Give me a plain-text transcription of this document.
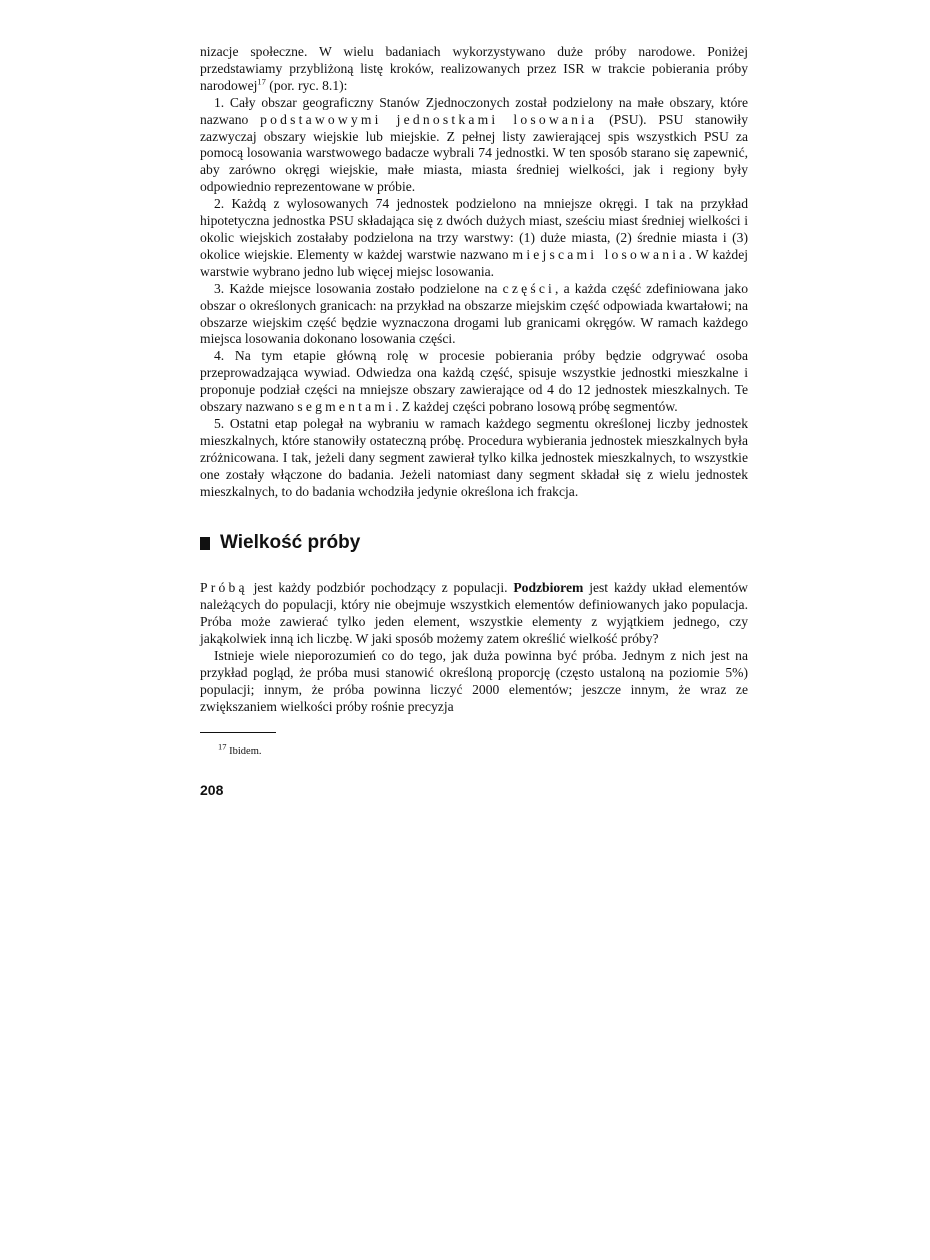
nizacje społeczne. W wielu badaniach wykorzystywano duże próby narodowe. Poniżej przedstawiamy przybliżoną listę kroków, realizowanych przez ISR w trakcie pobierania próby narodowej$^{17}$ (por. ryc. 8.1):

1. Cały obszar geograficzny Stanów Zjednoczonych został podzielony na małe obszary, które nazwano podstawowymi jednostkami losowania (PSU). PSU stanowiły zazwyczaj obszary wiejskie lub miejskie. Z pełnej listy zawierającej spis wszystkich PSU za pomocą losowania warstwowego badacze wybrali 74 jednostki. W ten sposób starano się zapewnić, aby zarówno okręgi wiejskie, małe miasta, miasta średniej wielkości, jak i regiony były odpowiednio reprezentowane w próbie.

2. Każdą z wylosowanych 74 jednostek podzielono na mniejsze okręgi. I tak na przykład hipotetyczna jednostka PSU składająca się z dwóch dużych miast, sześciu miast średniej wielkości i okolic wiejskich zostałaby podzielona na trzy warstwy: (1) duże miasta, (2) średnie miasta i (3) okolice wiejskie. Elementy w każdej warstwie nazwano miejscami losowania. W każdej warstwie wybrano jedno lub więcej miejsc losowania.

3. Każde miejsce losowania zostało podzielone na części, a każda część zdefiniowana jako obszar o określonych granicach: na przykład na obszarze miejskim część odpowiada kwartałowi; na obszarze wiejskim część będzie wyznaczona drogami lub granicami okręgów. W ramach każdego miejsca losowania dokonano losowania części.

4. Na tym etapie główną rolę w procesie pobierania próby będzie odgrywać osoba przeprowadzająca wywiad. Odwiedza ona każdą część, spisuje wszystkie jednostki mieszkalne i proponuje podział części na mniejsze obszary zawierające od 4 do 12 jednostek mieszkalnych. Te obszary nazwano segmentami. Z każdej części pobrano losową próbę segmentów.

5. Ostatni etap polegał na wybraniu w ramach każdego segmentu określonej liczby jednostek mieszkalnych, które stanowiły ostateczną próbę. Procedura wybierania jednostek mieszkalnych była zróżnicowana. I tak, jeżeli dany segment zawierał tylko kilka jednostek mieszkalnych, to wszystkie one zostały włączone do badania. Jeżeli natomiast dany segment składał się z wielu jednostek mieszkalnych, to do badania wchodziła jedynie określona ich frakcja.

Wielkość próby

Próbą jest każdy podzbiór pochodzący z populacji. Podzbiorem jest każdy układ elementów należących do populacji, który nie obejmuje wszystkich elementów definiowanych jako populacja. Próba może zawierać tylko jeden element, wszystkie elementy z wyjątkiem jednego, czy jakąkolwiek inną ich liczbę. W jaki sposób możemy zatem określić wielkość próby?

Istnieje wiele nieporozumień co do tego, jak duża powinna być próba. Jednym z nich jest na przykład pogląd, że próba musi stanowić określoną proporcję (często ustaloną na poziomie 5%) populacji; innym, że próba powinna liczyć 2000 elementów; jeszcze innym, że wraz ze zwiększaniem wielkości próby rośnie precyzja

$^{17}$ Ibidem.
208
